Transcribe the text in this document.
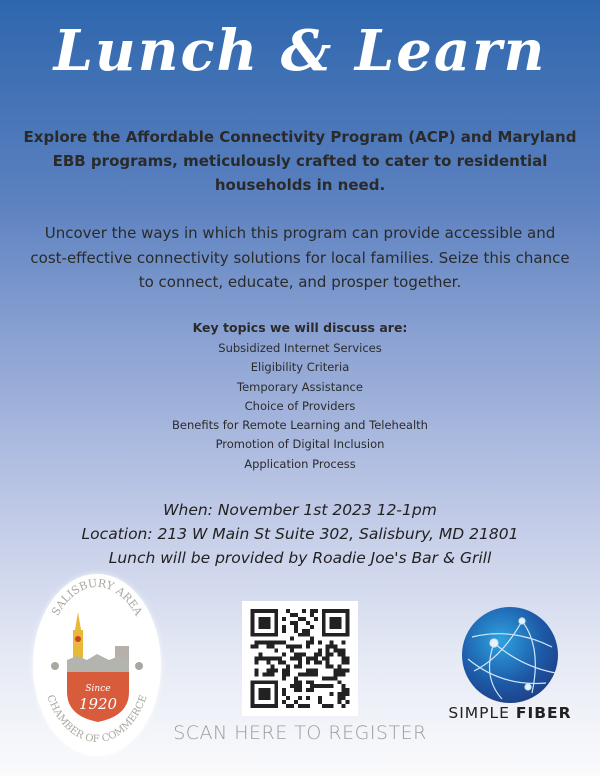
Lunch & Learn
Explore the Affordable Connectivity Program (ACP) and Maryland
EBB programs, meticulously crafted to cater to residential
households in need.
Uncover the ways in which this program can provide accessible and
cost-effective connectivity solutions for local families. Seize this chance
to connect, educate, and prosper together.
Key topics we will discuss are:
Subsidized Internet Services
Eligibility Criteria
Temporary Assistance
Choice of Providers
Benefits for Remote Learning and Telehealth
Promotion of Digital Inclusion
Application Process
When: November 1st 2023 12-1pm
Location: 213 W Main St Suite 302, Salisbury, MD 21801
Lunch will be provided by Roadie Joe's Bar & Grill
Since
1920
SALISBURY AREA
CHAMBER OF COMMERCE
SCAN HERE TO REGISTER
SIMPLE FIBER
